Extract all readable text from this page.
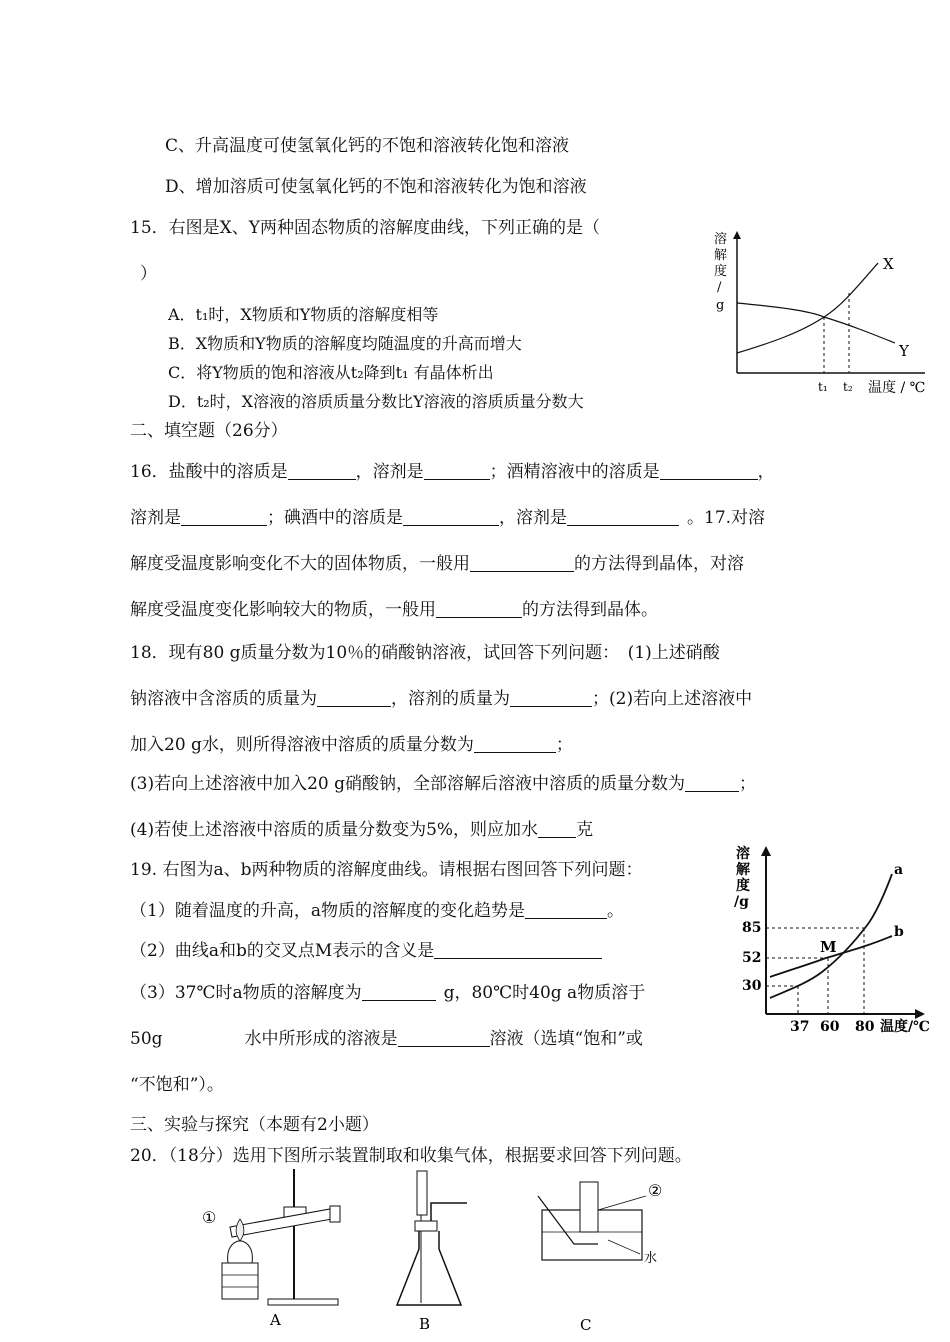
C、升高温度可使氢氧化钙的不饱和溶液转化饱和溶液
D、增加溶质可使氢氧化钙的不饱和溶液转化为饱和溶液
15．右图是X、Y两种固态物质的溶解度曲线，下列正确的是（
）
A．t₁时，X物质和Y物质的溶解度相等
B．X物质和Y物质的溶解度均随温度的升高而增大
C．将Y物质的饱和溶液从t₂降到t₁ 有晶体析出
D．t₂时，X溶液的溶质质量分数比Y溶液的溶质质量分数大
溶
解
度
/
g
X
Y
t₁ t₂ 温度 / ℃
二、填空题（26分）
16．盐酸中的溶质是	，溶剂是	；酒精溶液中的溶质是	，
溶剂是	；碘酒中的溶质是	，溶剂是	。17.对溶
解度受温度影响变化不大的固体物质，一般用	的方法得到晶体，对溶
解度受温度变化影响较大的物质，一般用	的方法得到晶体。
18．现有80 g质量分数为10％的硝酸钠溶液，试回答下列问题：　(1)上述硝酸
钠溶液中含溶质的质量为	，溶剂的质量为	；(2)若向上述溶液中
加入20 g水，则所得溶液中溶质的质量分数为	；
(3)若向上述溶液中加入20 g硝酸钠，全部溶解后溶液中溶质的质量分数为	；
(4)若使上述溶液中溶质的质量分数变为5%，则应加水 克
19. 右图为a、b两种物质的溶解度曲线。请根据右图回答下列问题：
（1）随着温度的升高，a物质的溶解度的变化趋势是	。
（2）曲线a和b的交叉点M表示的含义是
（3）37℃时a物质的溶解度为	g，80℃时40g a物质溶于
50g	水中所形成的溶液是	溶液（选填“饱和”或
“不饱和”）。
溶
解
度
/g
85
52
30
M
a
b
37 60 80 温度/℃
三、实验与探究（本题有2小题）
20．（18分）选用下图所示装置制取和收集气体，根据要求回答下列问题。
①
A	B
②
水
C
